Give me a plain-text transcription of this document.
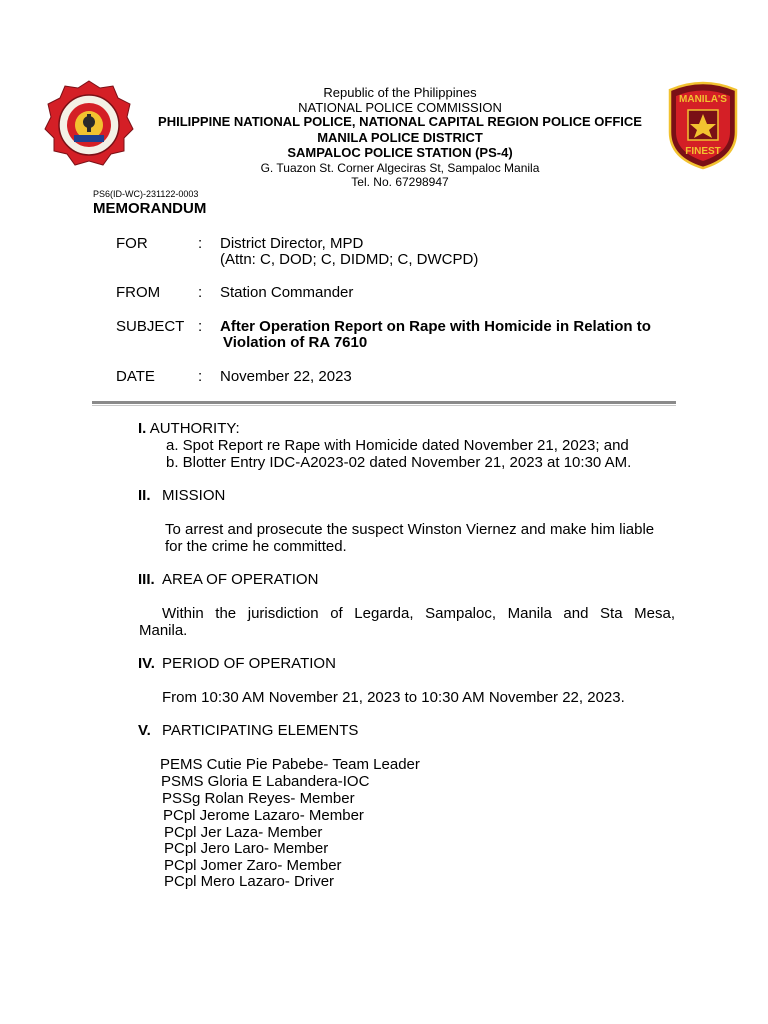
MANILA'S
FINEST
Republic of the Philippines
NATIONAL POLICE COMMISSION
PHILIPPINE NATIONAL POLICE, NATIONAL CAPITAL REGION POLICE OFFICE
MANILA POLICE DISTRICT
SAMPALOC POLICE STATION (PS-4)
G. Tuazon St. Corner Algeciras St, Sampaloc Manila
Tel. No. 67298947
PS6(ID-WC)-231122-0003
MEMORANDUM
FOR	: District Director, MPD
(Attn: C, DOD; C, DIDMD; C, DWCPD)
FROM	: Station Commander
SUBJECT : After Operation Report on Rape with Homicide in Relation to
Violation of RA 7610
DATE	: November 22, 2023
I. AUTHORITY:
a. Spot Report re Rape with Homicide dated November 21, 2023; and
b. Blotter Entry IDC-A2023-02 dated November 21, 2023 at 10:30 AM.
II. MISSION
To arrest and prosecute the suspect Winston Viernez and make him liable
for the crime he committed.
III. AREA OF OPERATION
Within the jurisdiction of Legarda, Sampaloc, Manila and Sta Mesa,
Manila.
IV. PERIOD OF OPERATION
From 10:30 AM November 21, 2023 to 10:30 AM November 22, 2023.
V. PARTICIPATING ELEMENTS
PEMS Cutie Pie Pabebe- Team Leader
PSMS Gloria E Labandera-IOC
PSSg Rolan Reyes- Member
PCpl Jerome Lazaro- Member
PCpl Jer Laza- Member
PCpl Jero Laro- Member
PCpl Jomer Zaro- Member
PCpl Mero Lazaro- Driver
